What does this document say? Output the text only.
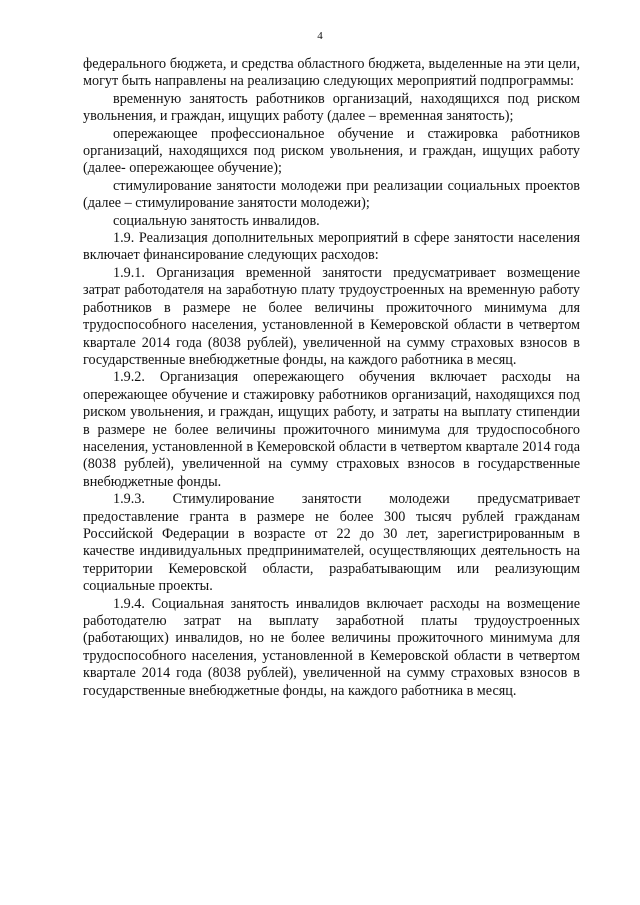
4

федерального бюджета, и средства областного бюджета, выделенные на эти цели, могут быть направлены на реализацию следующих мероприятий подпрограммы:

временную занятость работников организаций, находящихся под риском увольнения, и граждан, ищущих работу (далее – временная занятость);

опережающее профессиональное обучение и стажировка работников организаций, находящихся под риском увольнения, и граждан, ищущих работу (далее- опережающее обучение);

стимулирование занятости молодежи при реализации социальных проектов (далее – стимулирование занятости молодежи);

социальную занятость инвалидов.

1.9. Реализация дополнительных мероприятий в сфере занятости населения включает финансирование следующих расходов:

1.9.1. Организация временной занятости предусматривает возмещение затрат работодателя на заработную плату трудоустроенных на временную работу работников в размере не более величины прожиточного минимума для трудоспособного населения, установленной в Кемеровской области в четвертом квартале 2014 года (8038 рублей), увеличенной на сумму страховых взносов в государственные внебюджетные фонды, на каждого работника в месяц.

1.9.2. Организация опережающего обучения включает расходы на опережающее обучение и стажировку работников организаций, находящихся под риском увольнения, и граждан, ищущих работу, и затраты на выплату стипендии в размере не более величины прожиточного минимума для трудоспособного населения, установленной в Кемеровской области в четвертом квартале 2014 года (8038 рублей), увеличенной на сумму страховых взносов в государственные внебюджетные фонды.

1.9.3. Стимулирование занятости молодежи предусматривает предоставление гранта в размере не более 300 тысяч рублей гражданам Российской Федерации в возрасте от 22 до 30 лет, зарегистрированным в качестве индивидуальных предпринимателей, осуществляющих деятельность на территории Кемеровской области, разрабатывающим или реализующим социальные проекты.

1.9.4. Социальная занятость инвалидов включает расходы на возмещение работодателю затрат на выплату заработной платы трудоустроенных (работающих) инвалидов, но не более величины прожиточного минимума для трудоспособного населения, установленной в Кемеровской области в четвертом квартале 2014 года (8038 рублей), увеличенной на сумму страховых взносов в государственные внебюджетные фонды, на каждого работника в месяц.
